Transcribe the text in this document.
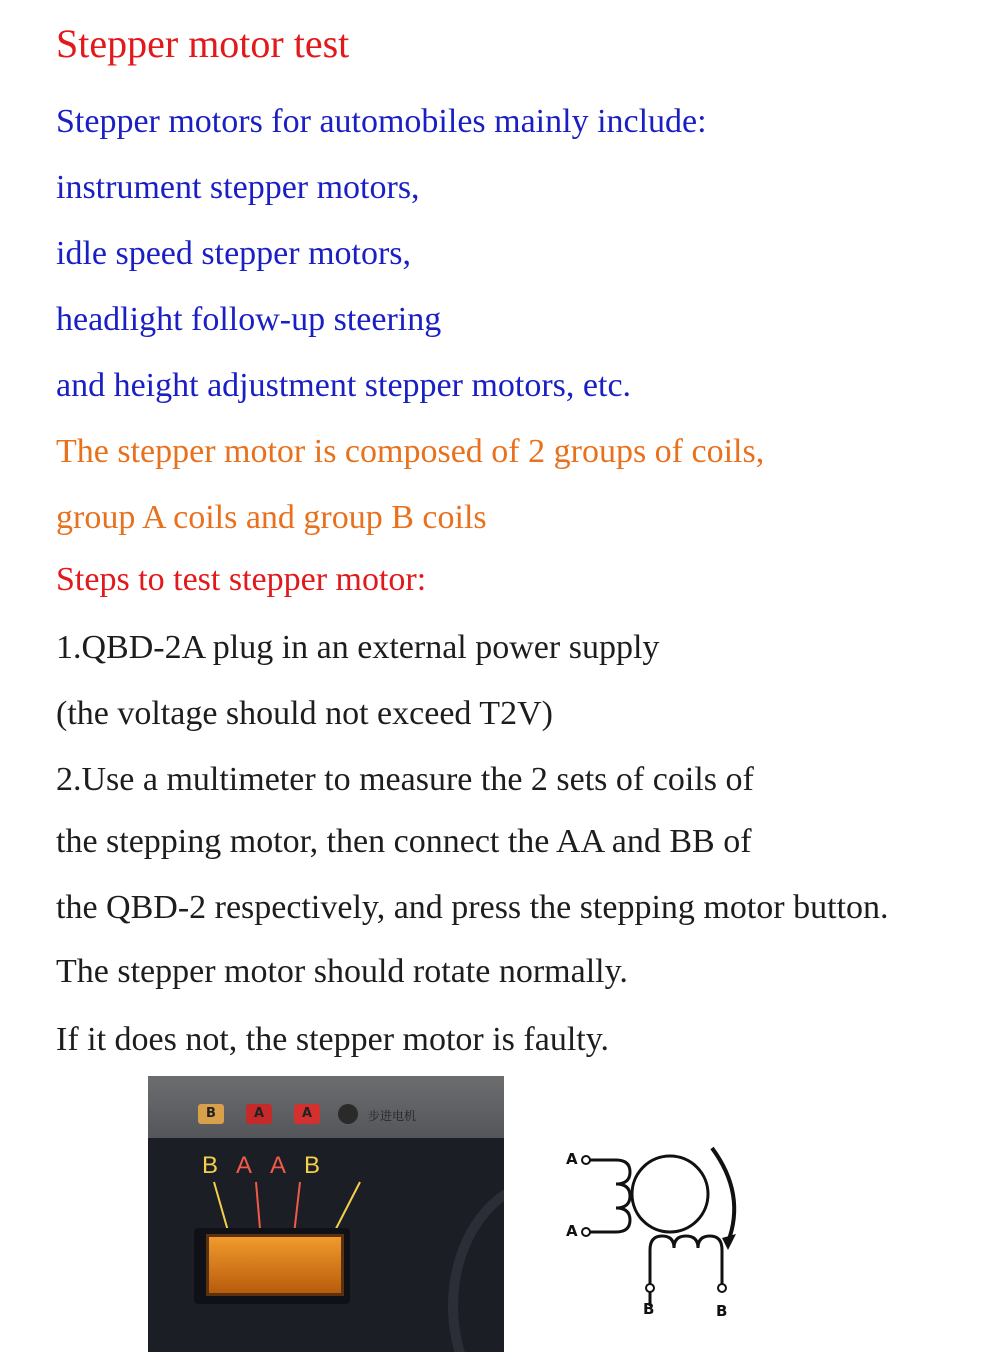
Stepper motor test
Stepper motors for automobiles mainly include:
instrument stepper motors,
idle speed stepper motors,
headlight follow-up steering
and height adjustment stepper motors, etc.
The stepper motor is composed of 2 groups of coils,
group A coils and group B coils
Steps to test stepper motor:
1.QBD-2A plug in an external power supply
(the voltage should not exceed T2V)
2.Use a multimeter to measure the 2 sets of coils of
the stepping motor, then connect the AA and BB of
the QBD-2 respectively, and press the stepping motor button.
The stepper motor should rotate normally.
If it does not, the stepper motor is faulty.
B	A	A	步进电机
B A A B	A
A
B	B
